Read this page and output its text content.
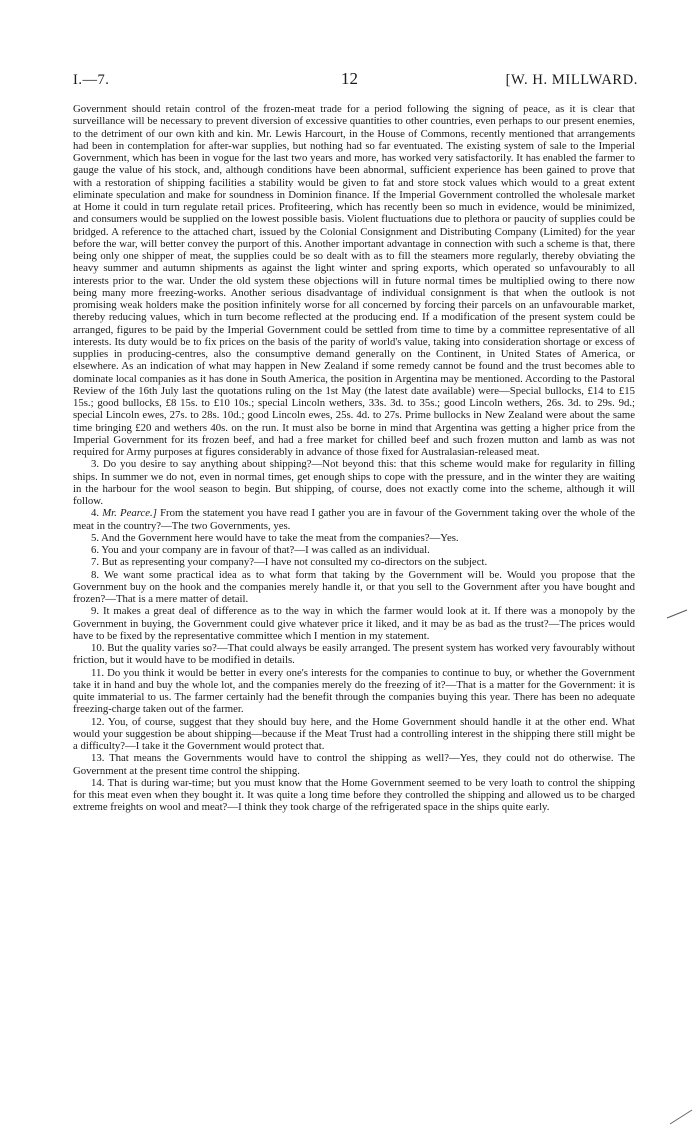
I.—7.	12	[W. H. MILLWARD.

Government should retain control of the frozen-meat trade for a period following the signing of peace, as it is clear that surveillance will be necessary to prevent diversion of excessive quantities to other countries, even perhaps to our present enemies, to the detriment of our own kith and kin. Mr. Lewis Harcourt, in the House of Commons, recently mentioned that arrangements had been in contemplation for after-war supplies, but nothing had so far eventuated. The existing system of sale to the Imperial Government, which has been in vogue for the last two years and more, has worked very satisfactorily. It has enabled the farmer to gauge the value of his stock, and, although conditions have been abnormal, sufficient experience has been gained to prove that with a restoration of shipping facilities a stability would be given to fat and store stock values which would to a great extent eliminate speculation and make for soundness in Dominion finance. If the Imperial Government controlled the wholesale market at Home it could in turn regulate retail prices. Profiteering, which has recently been so much in evidence, would be minimized, and consumers would be supplied on the lowest possible basis. Violent fluctuations due to plethora or paucity of supplies could be bridged. A reference to the attached chart, issued by the Colonial Consignment and Distributing Company (Limited) for the year before the war, will better convey the purport of this. Another important advantage in connection with such a scheme is that, there being only one shipper of meat, the supplies could be so dealt with as to fill the steamers more regularly, thereby obviating the heavy summer and autumn shipments as against the light winter and spring exports, which operated so unfavourably to all interests prior to the war. Under the old system these objections will in future normal times be multiplied owing to there now being many more freezing-works. Another serious disadvantage of individual consignment is that when the outlook is not promising weak holders make the position infinitely worse for all concerned by forcing their parcels on an unfavourable market, thereby reducing values, which in turn become reflected at the producing end. If a modification of the present system could be arranged, figures to be paid by the Imperial Government could be settled from time to time by a committee representative of all interests. Its duty would be to fix prices on the basis of the parity of world's value, taking into consideration shortage or excess of supplies in producing-centres, also the consumptive demand generally on the Continent, in United States of America, or elsewhere. As an indication of what may happen in New Zealand if some remedy cannot be found and the trust becomes able to dominate local companies as it has done in South America, the position in Argentina may be mentioned. According to the Pastoral Review of the 16th July last the quotations ruling on the 1st May (the latest date available) were—Special bullocks, £14 to £15 15s.; good bullocks, £8 15s. to £10 10s.; special Lincoln wethers, 33s. 3d. to 35s.; good Lincoln wethers, 26s. 3d. to 29s. 9d.; special Lincoln ewes, 27s. to 28s. 10d.; good Lincoln ewes, 25s. 4d. to 27s. Prime bullocks in New Zealand were about the same time bringing £20 and wethers 40s. on the run. It must also be borne in mind that Argentina was getting a higher price from the Imperial Government for its frozen beef, and had a free market for chilled beef and such frozen mutton and lamb as was not required for Army purposes at figures considerably in advance of those fixed for Australasian-released meat.

3. Do you desire to say anything about shipping?—Not beyond this: that this scheme would make for regularity in filling ships. In summer we do not, even in normal times, get enough ships to cope with the pressure, and in the winter they are waiting in the harbour for the wool season to begin. But shipping, of course, does not exactly come into the scheme, although it will follow.

4. Mr. Pearce.] From the statement you have read I gather you are in favour of the Government taking over the whole of the meat in the country?—The two Governments, yes.

5. And the Government here would have to take the meat from the companies?—Yes.

6. You and your company are in favour of that?—I was called as an individual.

7. But as representing your company?—I have not consulted my co-directors on the subject.

8. We want some practical idea as to what form that taking by the Government will be. Would you propose that the Government buy on the hook and the companies merely handle it, or that you sell to the Government after you have bought and frozen?—That is a mere matter of detail.

9. It makes a great deal of difference as to the way in which the farmer would look at it. If there was a monopoly by the Government in buying, the Government could give whatever price it liked, and it may be as bad as the trust?—The prices would have to be fixed by the representative committee which I mention in my statement.

10. But the quality varies so?—That could always be easily arranged. The present system has worked very favourably without friction, but it would have to be modified in details.

11. Do you think it would be better in every one's interests for the companies to continue to buy, or whether the Government take it in hand and buy the whole lot, and the companies merely do the freezing of it?—That is a matter for the Government: it is quite immaterial to us. The farmer certainly had the benefit through the companies buying this year. There has been no adequate freezing-charge taken out of the farmer.

12. You, of course, suggest that they should buy here, and the Home Government should handle it at the other end. What would your suggestion be about shipping—because if the Meat Trust had a controlling interest in the shipping there still might be a difficulty?—I take it the Government would protect that.

13. That means the Governments would have to control the shipping as well?—Yes, they could not do otherwise. The Government at the present time control the shipping.

14. That is during war-time; but you must know that the Home Government seemed to be very loath to control the shipping for this meat even when they bought it. It was quite a long time before they controlled the shipping and allowed us to be charged extreme freights on wool and meat?—I think they took charge of the refrigerated space in the ships quite early.
